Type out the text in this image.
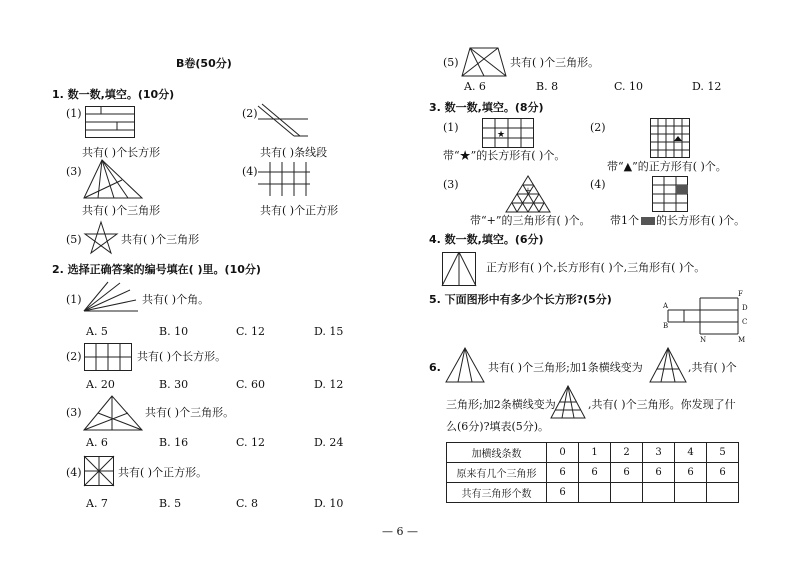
B卷(50分)
1. 数一数,填空。(10分)
(1)
共有( )个长方形
(2)
共有( )条线段
(3)
共有( )个三角形
(4)
共有( )个正方形
(5)	共有( )个三角形
2. 选择正确答案的编号填在( )里。(10分)
(1)	共有( )个角。
A. 5	B. 10	C. 12	D. 15
(2)	共有( )个长方形。
A. 20	B. 30	C. 60	D. 12
(3)	共有( )个三角形。
A. 6	B. 16	C. 12	D. 24
(4)	共有( )个正方形。
A. 7	B. 5	C. 8	D. 10
(5)	共有( )个三角形。
A. 6	B. 8	C. 10	D. 12
3. 数一数,填空。(8分)
(1)
★
带“★”的长方形有( )个。
(2)
带“▲”的正方形有( )个。
(3)	+
带“+”的三角形有( )个。
(4)
带1个 的长方形有( )个。
4. 数一数,填空。(6分)
正方形有( )个,长方形有( )个,三角形有( )个。
5. 下面图形中有多少个长方形?(5分)	A
B
F
D
C
N	M
6.	共有( )个三角形;加1条横线变为	,共有( )个
三角形;加2条横线变为	,共有( )个三角形。你发现了什
么(6分)?填表(5分)。
加横线条数	0	1	2	3	4	5
原来有几个三角形	6	6	6	6	6	6
共有三角形个数	6					
— 6 —
